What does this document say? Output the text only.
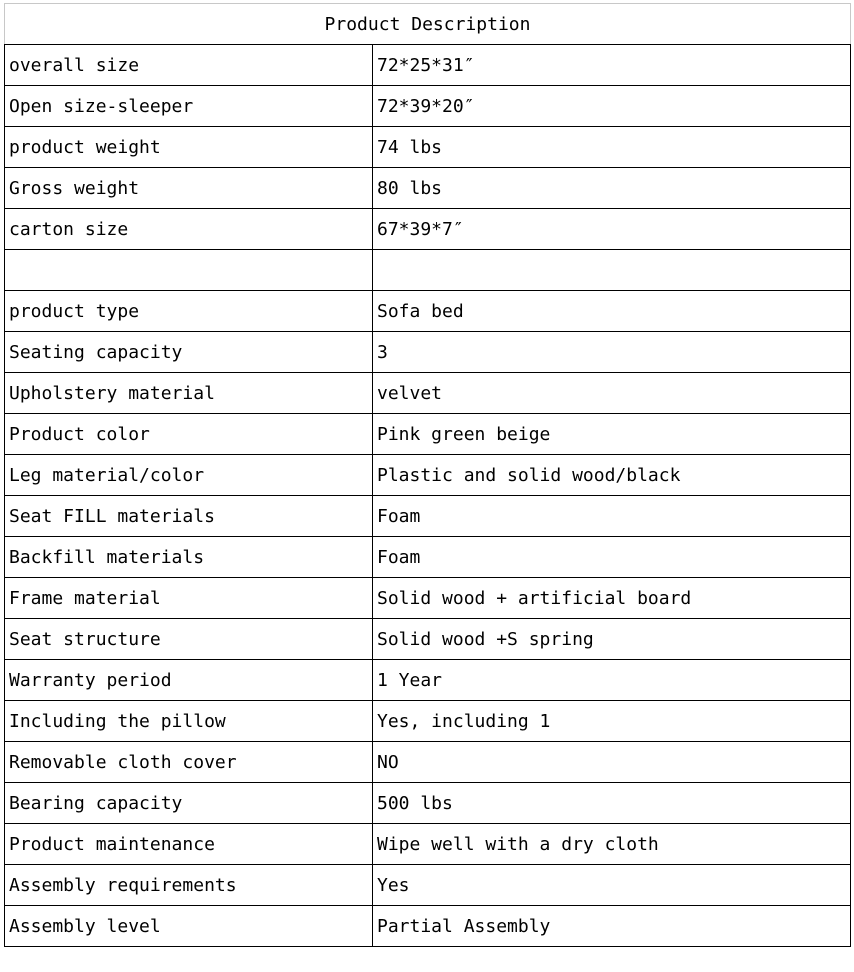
Product Description	
overall size	72*25*31″
Open size-sleeper	72*39*20″
product weight	74 lbs
Gross weight	80 lbs
carton size	67*39*7″

product type	Sofa bed
Seating capacity	3
Upholstery material	velvet
Product color	Pink green beige
Leg material/color	Plastic and solid wood/black
Seat FILL materials	Foam
Backfill materials	Foam
Frame material	Solid wood + artificial board
Seat structure	Solid wood +S spring
Warranty period	1 Year
Including the pillow	Yes, including 1
Removable cloth cover	NO
Bearing capacity	500 lbs
Product maintenance	Wipe well with a dry cloth
Assembly requirements	Yes
Assembly level	Partial Assembly
